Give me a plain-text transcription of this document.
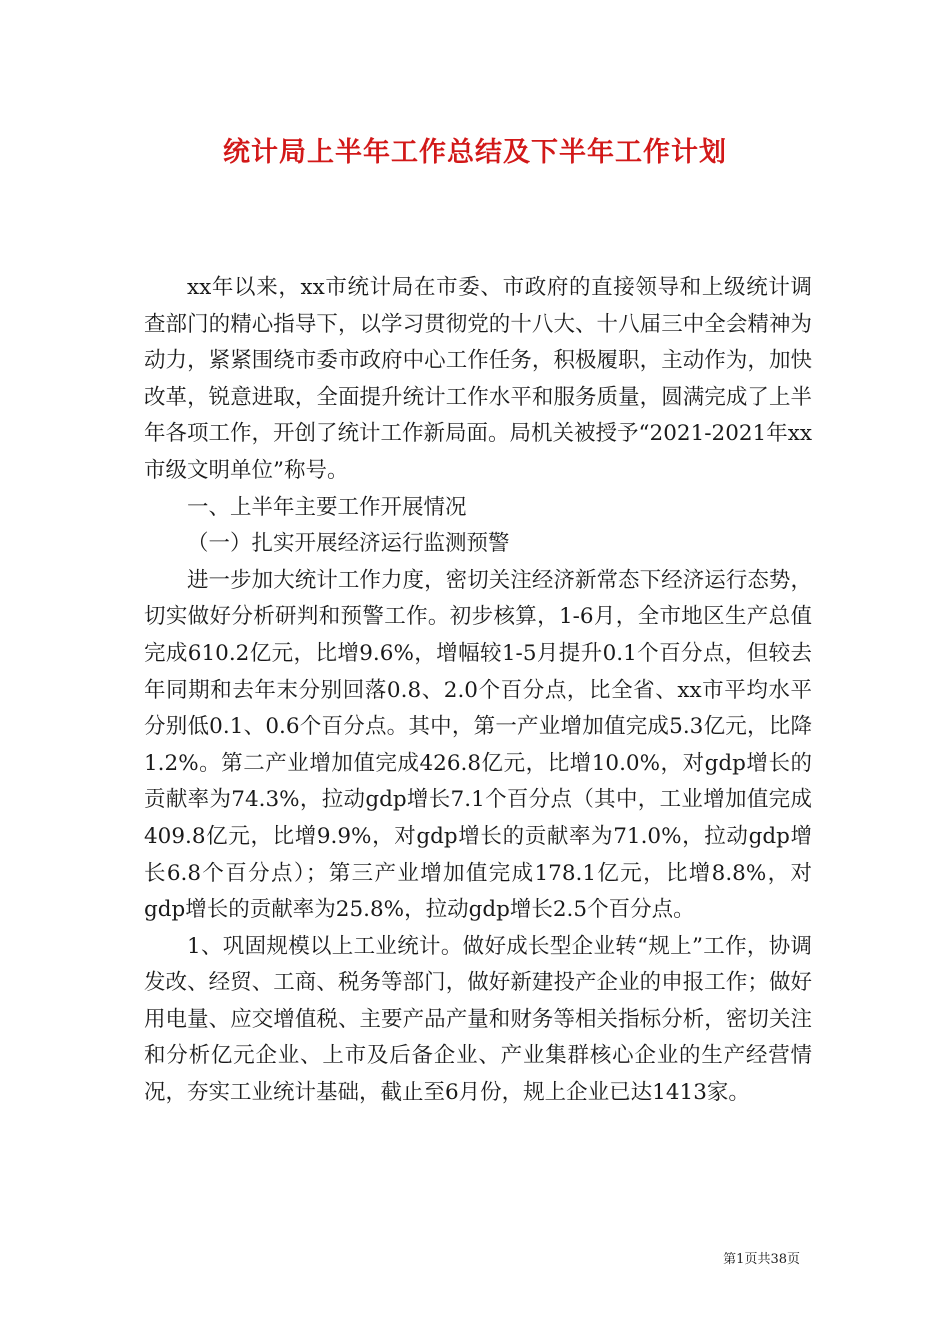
统计局上半年工作总结及下半年工作计划

xx年以来，xx市统计局在市委、市政府的直接领导和上级统计调查部门的精心指导下，以学习贯彻党的十八大、十八届三中全会精神为动力，紧紧围绕市委市政府中心工作任务，积极履职，主动作为，加快改革，锐意进取，全面提升统计工作水平和服务质量，圆满完成了上半年各项工作，开创了统计工作新局面。局机关被授予“2021-2021年xx市级文明单位”称号。

一、上半年主要工作开展情况

（一）扎实开展经济运行监测预警

进一步加大统计工作力度，密切关注经济新常态下经济运行态势，切实做好分析研判和预警工作。初步核算，1-6月，全市地区生产总值完成610.2亿元，比增9.6%，增幅较1-5月提升0.1个百分点，但较去年同期和去年末分别回落0.8、2.0个百分点，比全省、xx市平均水平分别低0.1、0.6个百分点。其中，第一产业增加值完成5.3亿元，比降1.2%。第二产业增加值完成426.8亿元，比增10.0%，对gdp增长的贡献率为74.3%，拉动gdp增长7.1个百分点（其中，工业增加值完成409.8亿元，比增9.9%，对gdp增长的贡献率为71.0%，拉动gdp增长6.8个百分点）；第三产业增加值完成178.1亿元，比增8.8%，对gdp增长的贡献率为25.8%，拉动gdp增长2.5个百分点。

1、巩固规模以上工业统计。做好成长型企业转“规上”工作，协调发改、经贸、工商、税务等部门，做好新建投产企业的申报工作；做好用电量、应交增值税、主要产品产量和财务等相关指标分析，密切关注和分析亿元企业、上市及后备企业、产业集群核心企业的生产经营情况，夯实工业统计基础，截止至6月份，规上企业已达1413家。

第1页共38页
